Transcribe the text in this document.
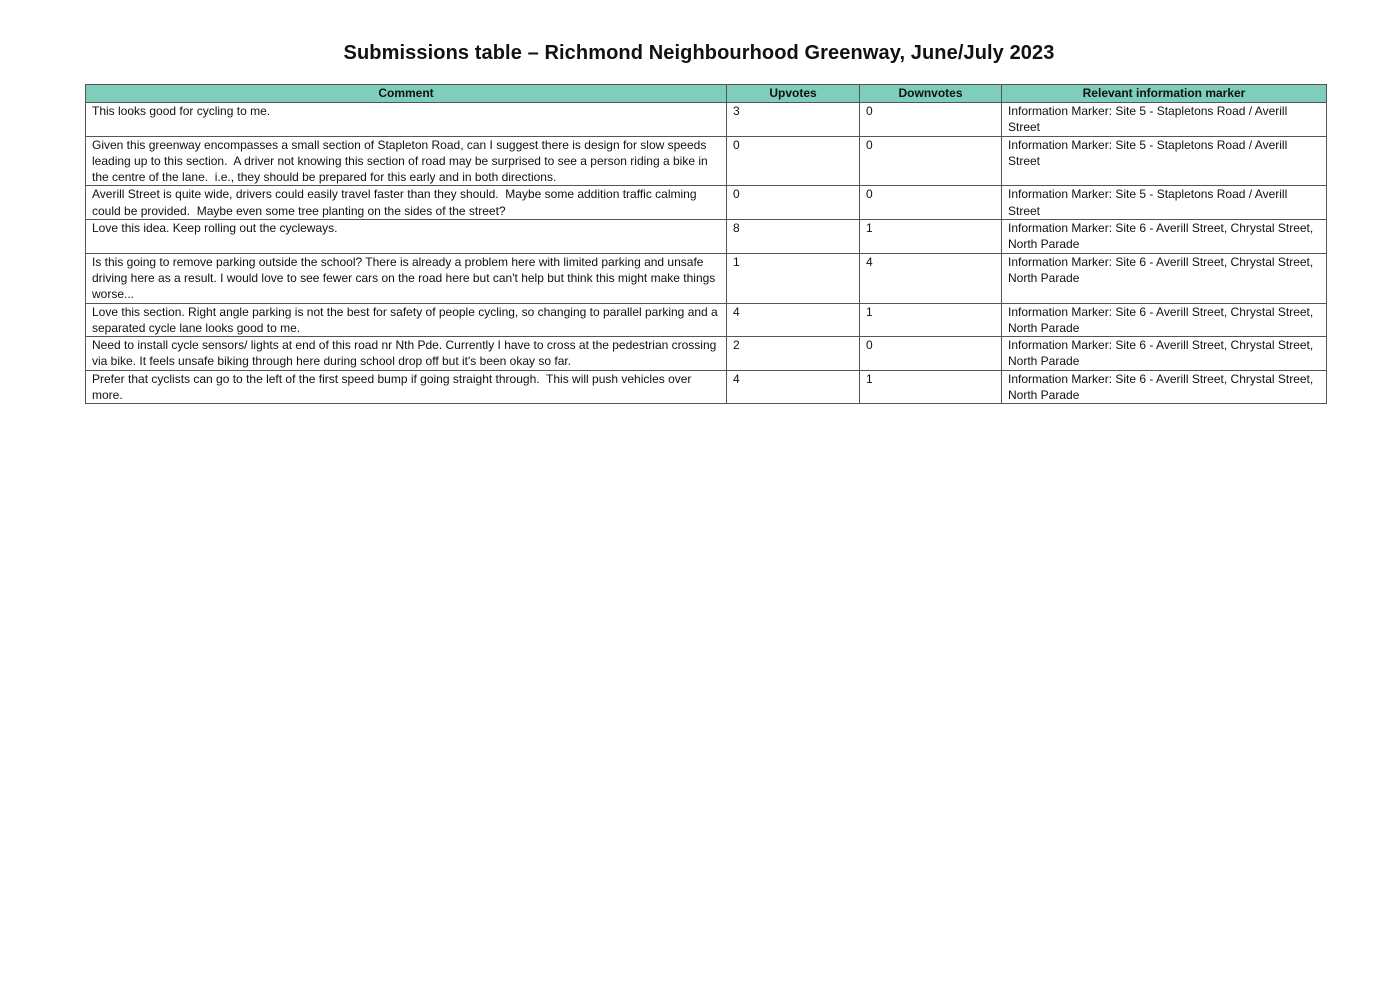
Submissions table – Richmond Neighbourhood Greenway, June/July 2023
Comment	Upvotes	Downvotes	Relevant information marker
This looks good for cycling to me.	3	0	Information Marker: Site 5 - Stapletons Road / Averill Street
Given this greenway encompasses a small section of Stapleton Road, can I suggest there is design for slow speeds leading up to this section.  A driver not knowing this section of road may be surprised to see a person riding a bike in the centre of the lane.  i.e., they should be prepared for this early and in both directions.	0	0	Information Marker: Site 5 - Stapletons Road / Averill Street
Averill Street is quite wide, drivers could easily travel faster than they should.  Maybe some addition traffic calming could be provided.  Maybe even some tree planting on the sides of the street?	0	0	Information Marker: Site 5 - Stapletons Road / Averill Street
Love this idea. Keep rolling out the cycleways.	8	1	Information Marker: Site 6 - Averill Street, Chrystal Street, North Parade
Is this going to remove parking outside the school? There is already a problem here with limited parking and unsafe driving here as a result. I would love to see fewer cars on the road here but can't help but think this might make things worse...	1	4	Information Marker: Site 6 - Averill Street, Chrystal Street, North Parade
Love this section. Right angle parking is not the best for safety of people cycling, so changing to parallel parking and a separated cycle lane looks good to me.	4	1	Information Marker: Site 6 - Averill Street, Chrystal Street, North Parade
Need to install cycle sensors/ lights at end of this road nr Nth Pde. Currently I have to cross at the pedestrian crossing via bike. It feels unsafe biking through here during school drop off but it's been okay so far.	2	0	Information Marker: Site 6 - Averill Street, Chrystal Street, North Parade
Prefer that cyclists can go to the left of the first speed bump if going straight through.  This will push vehicles over more.	4	1	Information Marker: Site 6 - Averill Street, Chrystal Street, North Parade
